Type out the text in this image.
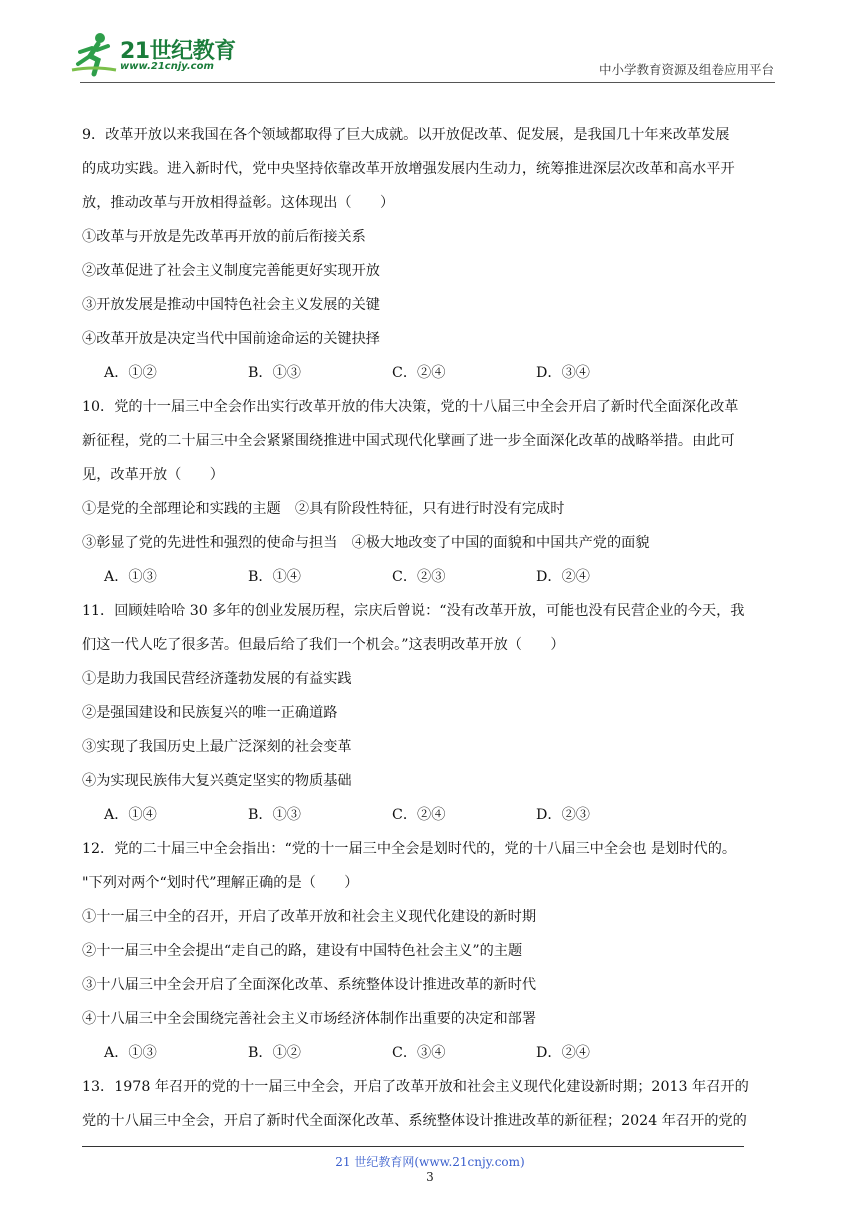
21世纪教育
www.21cnjy.com	中小学教育资源及组卷应用平台
9．改革开放以来我国在各个领域都取得了巨大成就。以开放促改革、促发展，是我国几十年来改革发展
的成功实践。进入新时代，党中央坚持依靠改革开放增强发展内生动力，统筹推进深层次改革和高水平开
放，推动改革与开放相得益彰。这体现出（　　）
①改革与开放是先改革再开放的前后衔接关系
②改革促进了社会主义制度完善能更好实现开放
③开放发展是推动中国特色社会主义发展的关键
④改革开放是决定当代中国前途命运的关键抉择
A．①②	B．①③	C．②④	D．③④
10．党的十一届三中全会作出实行改革开放的伟大决策，党的十八届三中全会开启了新时代全面深化改革
新征程，党的二十届三中全会紧紧围绕推进中国式现代化擘画了进一步全面深化改革的战略举措。由此可
见，改革开放（　　）
①是党的全部理论和实践的主题　②具有阶段性特征，只有进行时没有完成时
③彰显了党的先进性和强烈的使命与担当　④极大地改变了中国的面貌和中国共产党的面貌
A．①③	B．①④	C．②③	D．②④
11．回顾娃哈哈 30 多年的创业发展历程，宗庆后曾说：“没有改革开放，可能也没有民营企业的今天，我
们这一代人吃了很多苦。但最后给了我们一个机会。”这表明改革开放（　　）
①是助力我国民营经济蓬勃发展的有益实践
②是强国建设和民族复兴的唯一正确道路
③实现了我国历史上最广泛深刻的社会变革
④为实现民族伟大复兴奠定坚实的物质基础
A．①④	B．①③	C．②④	D．②③
12．党的二十届三中全会指出：“党的十一届三中全会是划时代的，党的十八届三中全会也 是划时代的。
"下列对两个“划时代”理解正确的是（　　）
①十一届三中全的召开，开启了改革开放和社会主义现代化建设的新时期
②十一届三中全会提出“走自己的路，建设有中国特色社会主义”的主题
③十八届三中全会开启了全面深化改革、系统整体设计推进改革的新时代
④十八届三中全会围绕完善社会主义市场经济体制作出重要的决定和部署
A．①③	B．①②	C．③④	D．②④
13．1978 年召开的党的十一届三中全会，开启了改革开放和社会主义现代化建设新时期；2013 年召开的
党的十八届三中全会，开启了新时代全面深化改革、系统整体设计推进改革的新征程；2024 年召开的党的
21 世纪教育网(www.21cnjy.com)
3
